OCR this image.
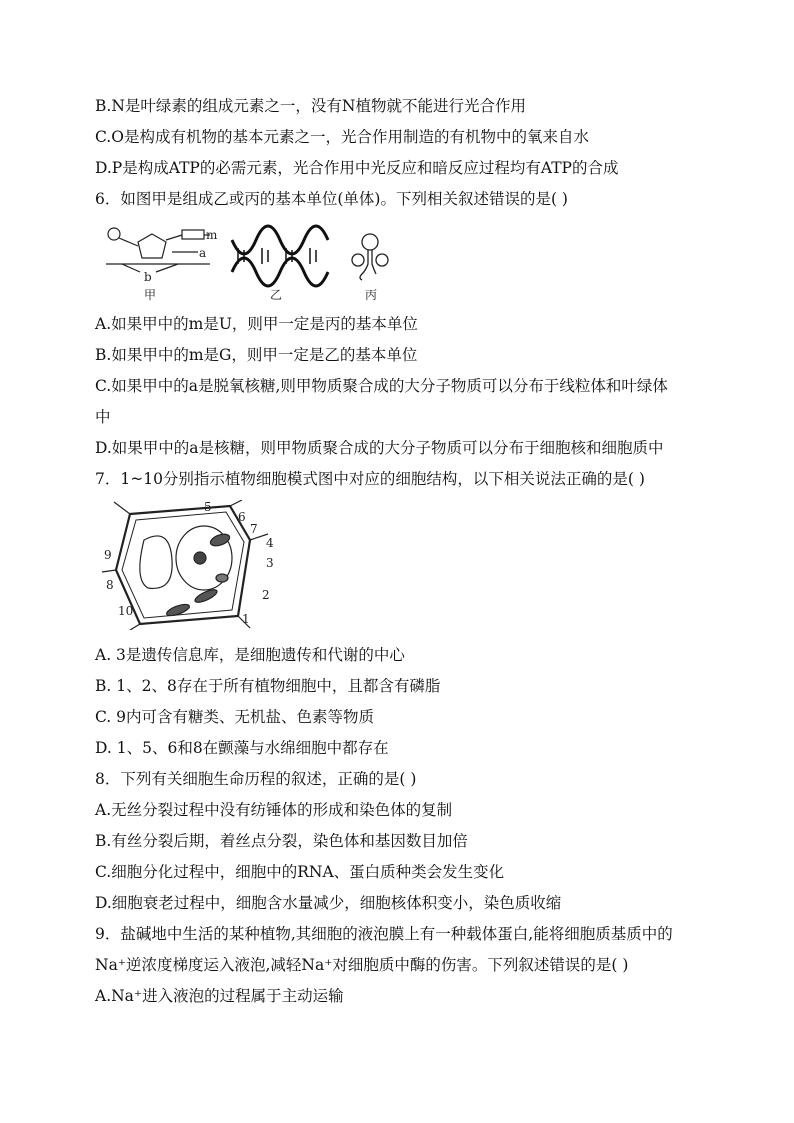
B.N是叶绿素的组成元素之一，没有N植物就不能进行光合作用
C.O是构成有机物的基本元素之一，光合作用制造的有机物中的氧来自水
D.P是构成ATP的必需元素，光合作用中光反应和暗反应过程均有ATP的合成
6．如图甲是组成乙或丙的基本单位(单体)。下列相关叙述错误的是( )
m
a
b
甲	乙	丙
A.如果甲中的m是U，则甲一定是丙的基本单位
B.如果甲中的m是G，则甲一定是乙的基本单位
C.如果甲中的a是脱氧核糖,则甲物质聚合成的大分子物质可以分布于线粒体和叶绿体
中
D.如果甲中的a是核糖，则甲物质聚合成的大分子物质可以分布于细胞核和细胞质中
7．1~10分别指示植物细胞模式图中对应的细胞结构，以下相关说法正确的是( )
5
6
7
4
3
2
1
9
8
10
A. 3是遗传信息库，是细胞遗传和代谢的中心
B. 1、2、8存在于所有植物细胞中，且都含有磷脂
C. 9内可含有糖类、无机盐、色素等物质
D. 1、5、6和8在颤藻与水绵细胞中都存在
8．下列有关细胞生命历程的叙述，正确的是( )
A.无丝分裂过程中没有纺锤体的形成和染色体的复制
B.有丝分裂后期，着丝点分裂，染色体和基因数目加倍
C.细胞分化过程中，细胞中的RNA、蛋白质种类会发生变化
D.细胞衰老过程中，细胞含水量减少，细胞核体积变小，染色质收缩
9．盐碱地中生活的某种植物,其细胞的液泡膜上有一种载体蛋白,能将细胞质基质中的
Na⁺逆浓度梯度运入液泡,减轻Na⁺对细胞质中酶的伤害。下列叙述错误的是( )
A.Na⁺进入液泡的过程属于主动运输
